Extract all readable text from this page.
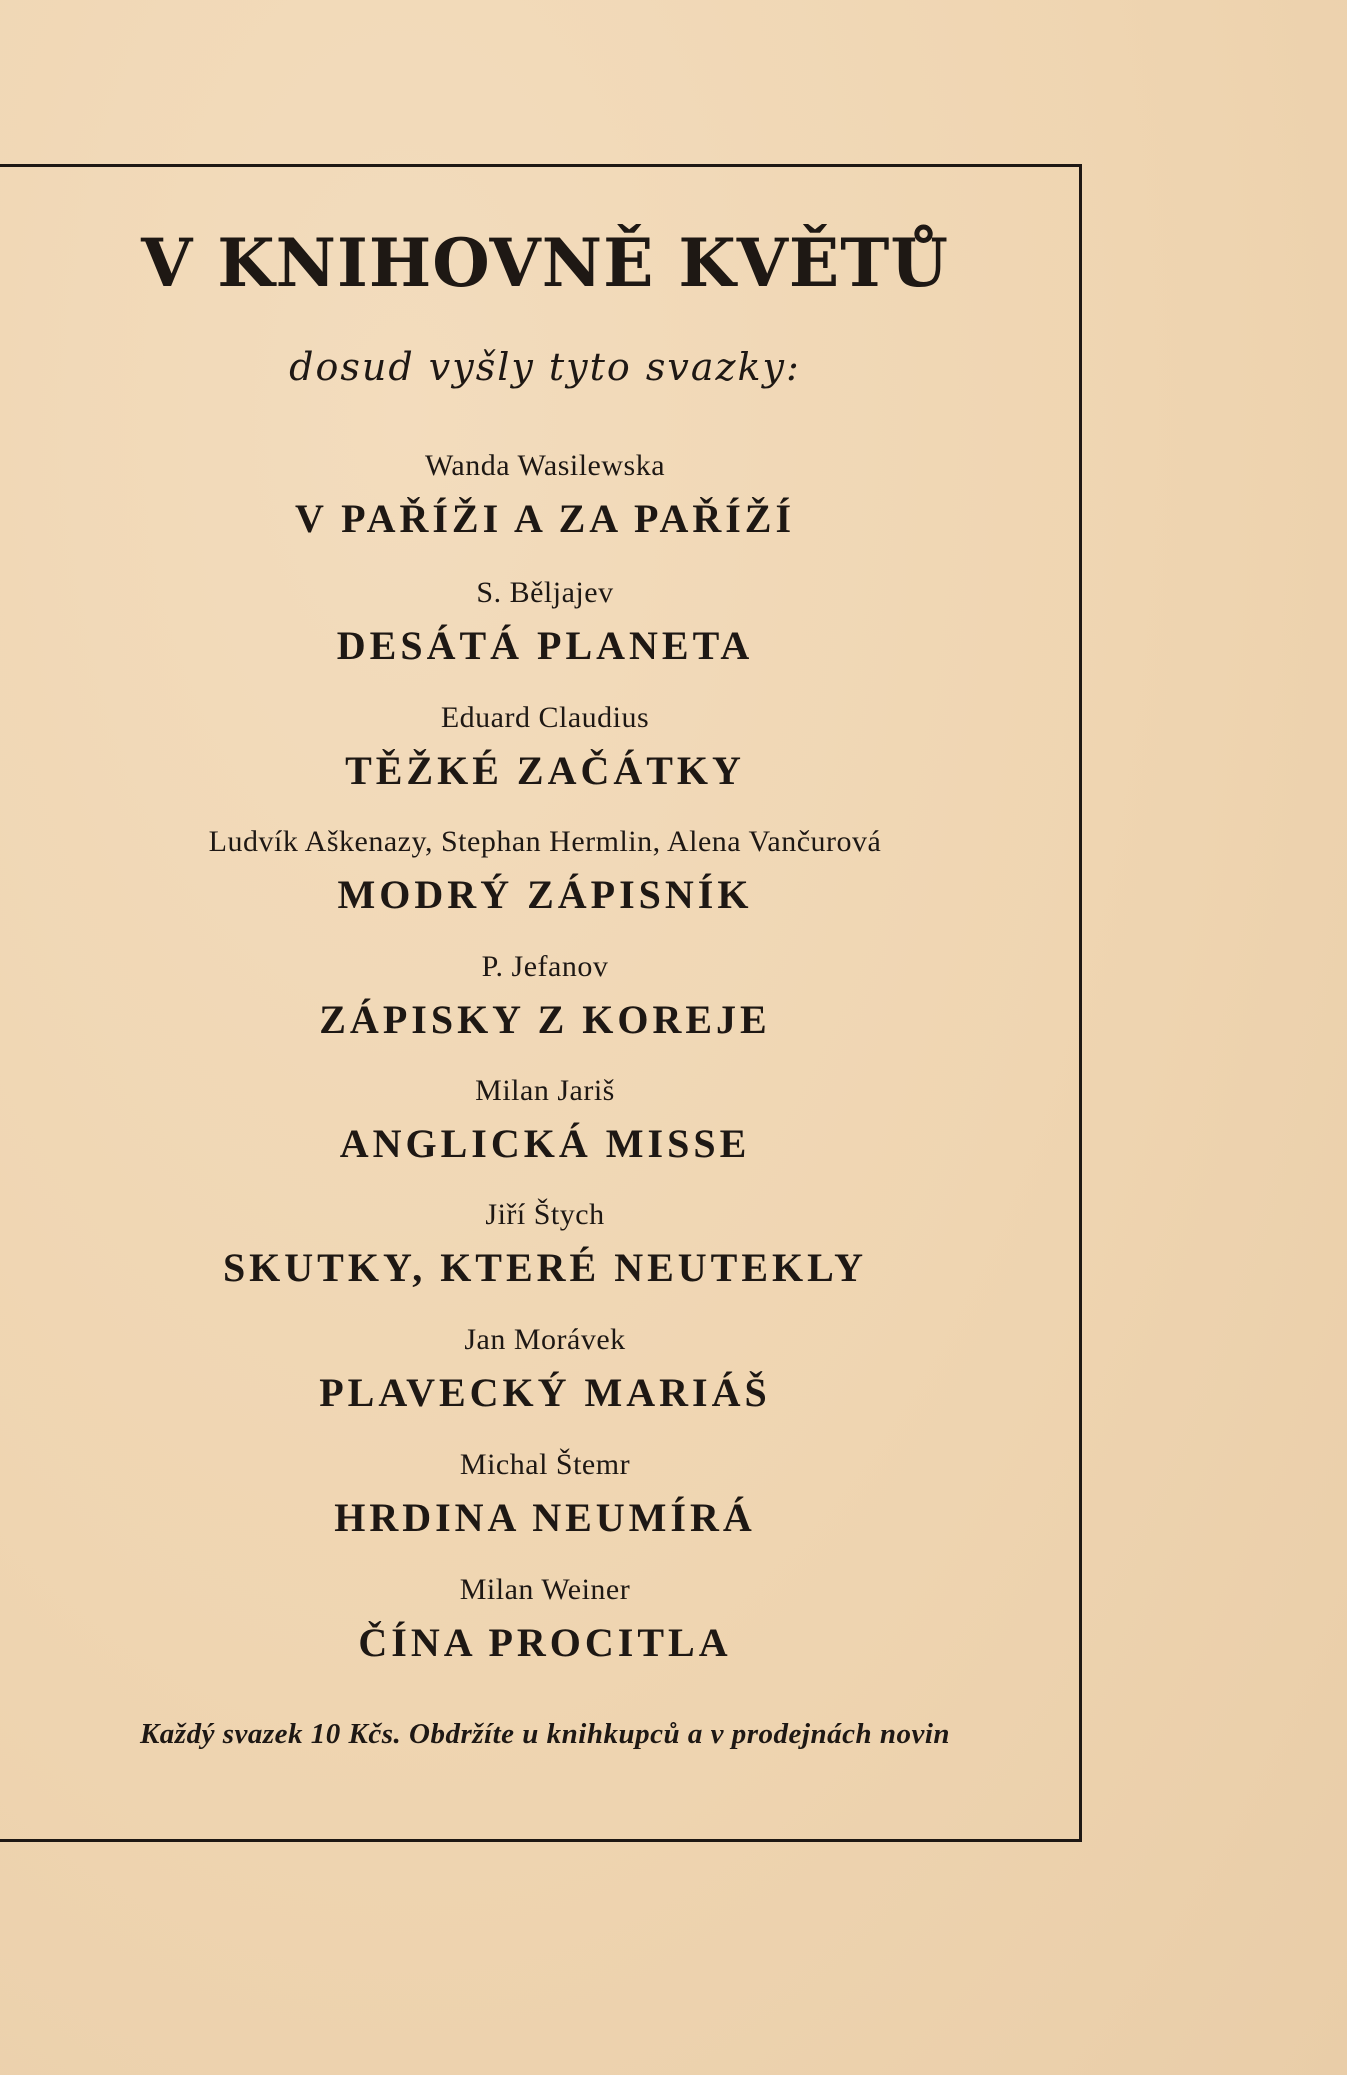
V KNIHOVNĚ KVĚTŮ
dosud vyšly tyto svazky:
Wanda Wasilewska
V PAŘÍŽI A ZA PAŘÍŽÍ
S. Běljajev
DESÁTÁ PLANETA
Eduard Claudius
TĚŽKÉ ZAČÁTKY
Ludvík Aškenazy, Stephan Hermlin, Alena Vančurová
MODRÝ ZÁPISNÍK
P. Jefanov
ZÁPISKY Z KOREJE
Milan Jariš
ANGLICKÁ MISSE
Jiří Štych
SKUTKY, KTERÉ NEUTEKLY
Jan Morávek
PLAVECKÝ MARIÁŠ
Michal Štemr
HRDINA NEUMÍRÁ
Milan Weiner
ČÍNA PROCITLA
Každý svazek 10 Kčs. Obdržíte u knihkupců a v prodejnách novin
